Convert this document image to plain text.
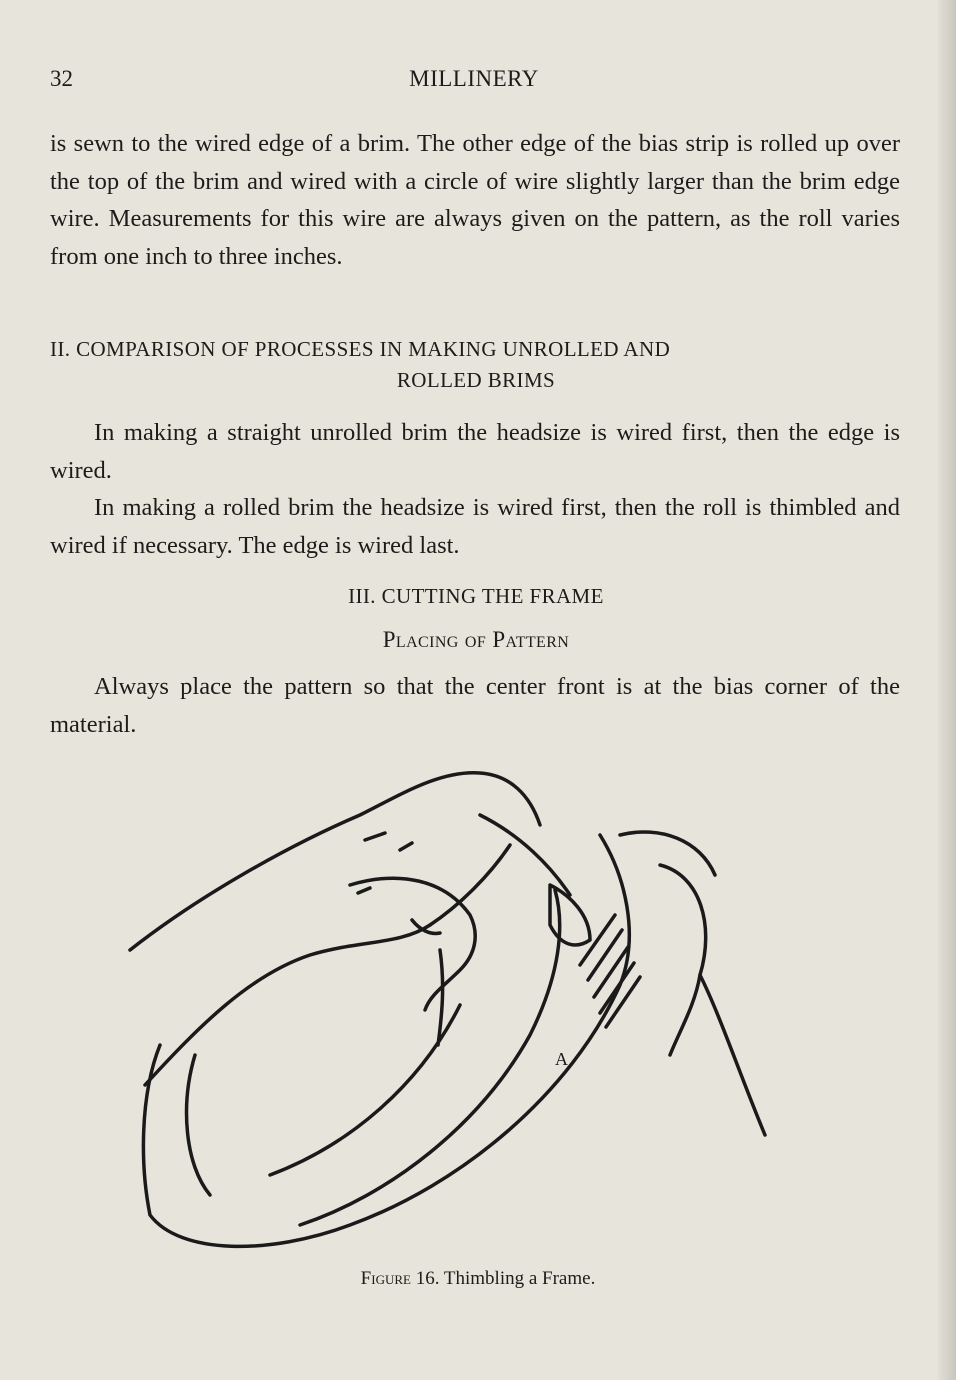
32	MILLINERY

is sewn to the wired edge of a brim. The other edge of the bias strip is rolled up over the top of the brim and wired with a circle of wire slightly larger than the brim edge wire. Measurements for this wire are always given on the pattern, as the roll varies from one inch to three inches.

II. COMPARISON OF PROCESSES IN MAKING UNROLLED AND
ROLLED BRIMS

In making a straight unrolled brim the headsize is wired first, then the edge is wired.

In making a rolled brim the headsize is wired first, then the roll is thimbled and wired if necessary. The edge is wired last.

III. CUTTING THE FRAME
Placing of Pattern

Always place the pattern so that the center front is at the bias corner of the material.

A
Figure 16. Thimbling a Frame.
